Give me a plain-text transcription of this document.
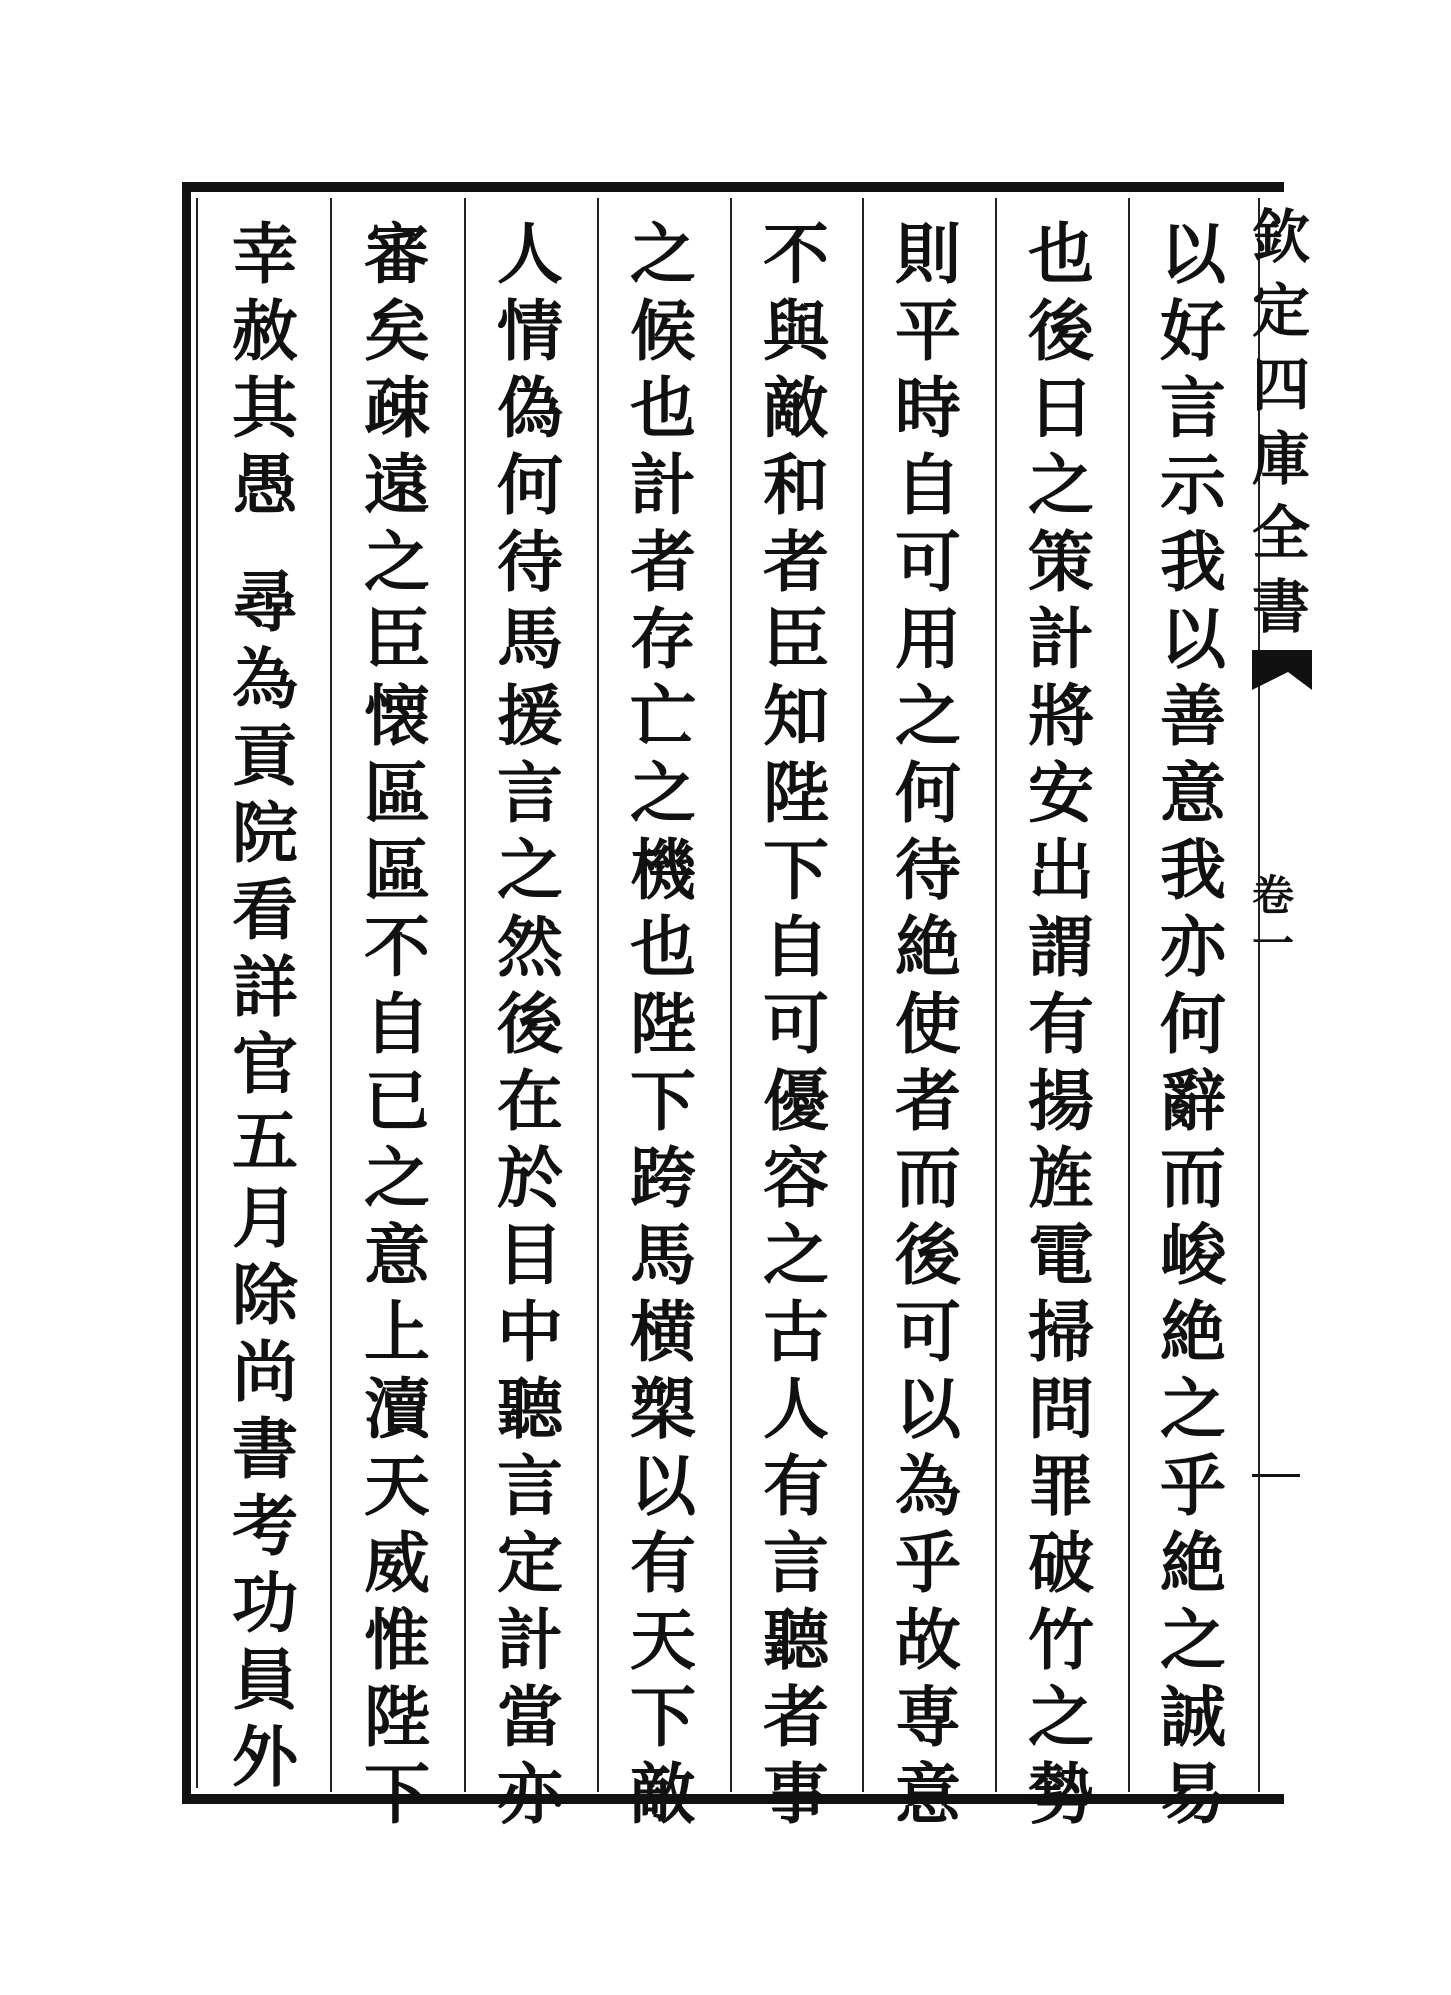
以
好
言
示
我
以
善
意
我
亦
何
辭
而
峻
絶
之
乎
絶
之
誠
易
也
後
日
之
策
計
將
安
出
謂
有
揚
旌
電
掃
問
罪
破
竹
之
勢
則
平
時
自
可
用
之
何
待
絶
使
者
而
後
可
以
為
乎
故
専
意
不
與
敵
和
者
臣
知
陛
下
自
可
優
容
之
古
人
有
言
聽
者
事
之
候
也
計
者
存
亡
之
機
也
陛
下
跨
馬
横
槊
以
有
天
下
敵
人
情
偽
何
待
馬
援
言
之
然
後
在
於
目
中
聽
言
定
計
當
亦
審
矣
疎
遠
之
臣
懐
區
區
不
自
已
之
意
上
瀆
天
威
惟
陛
下
幸
赦
其
愚
尋
為
貢
院
看
詳
官
五
月
除
尚
書
考
功
員
外
欽
定
四
庫
全
書
卷
一
